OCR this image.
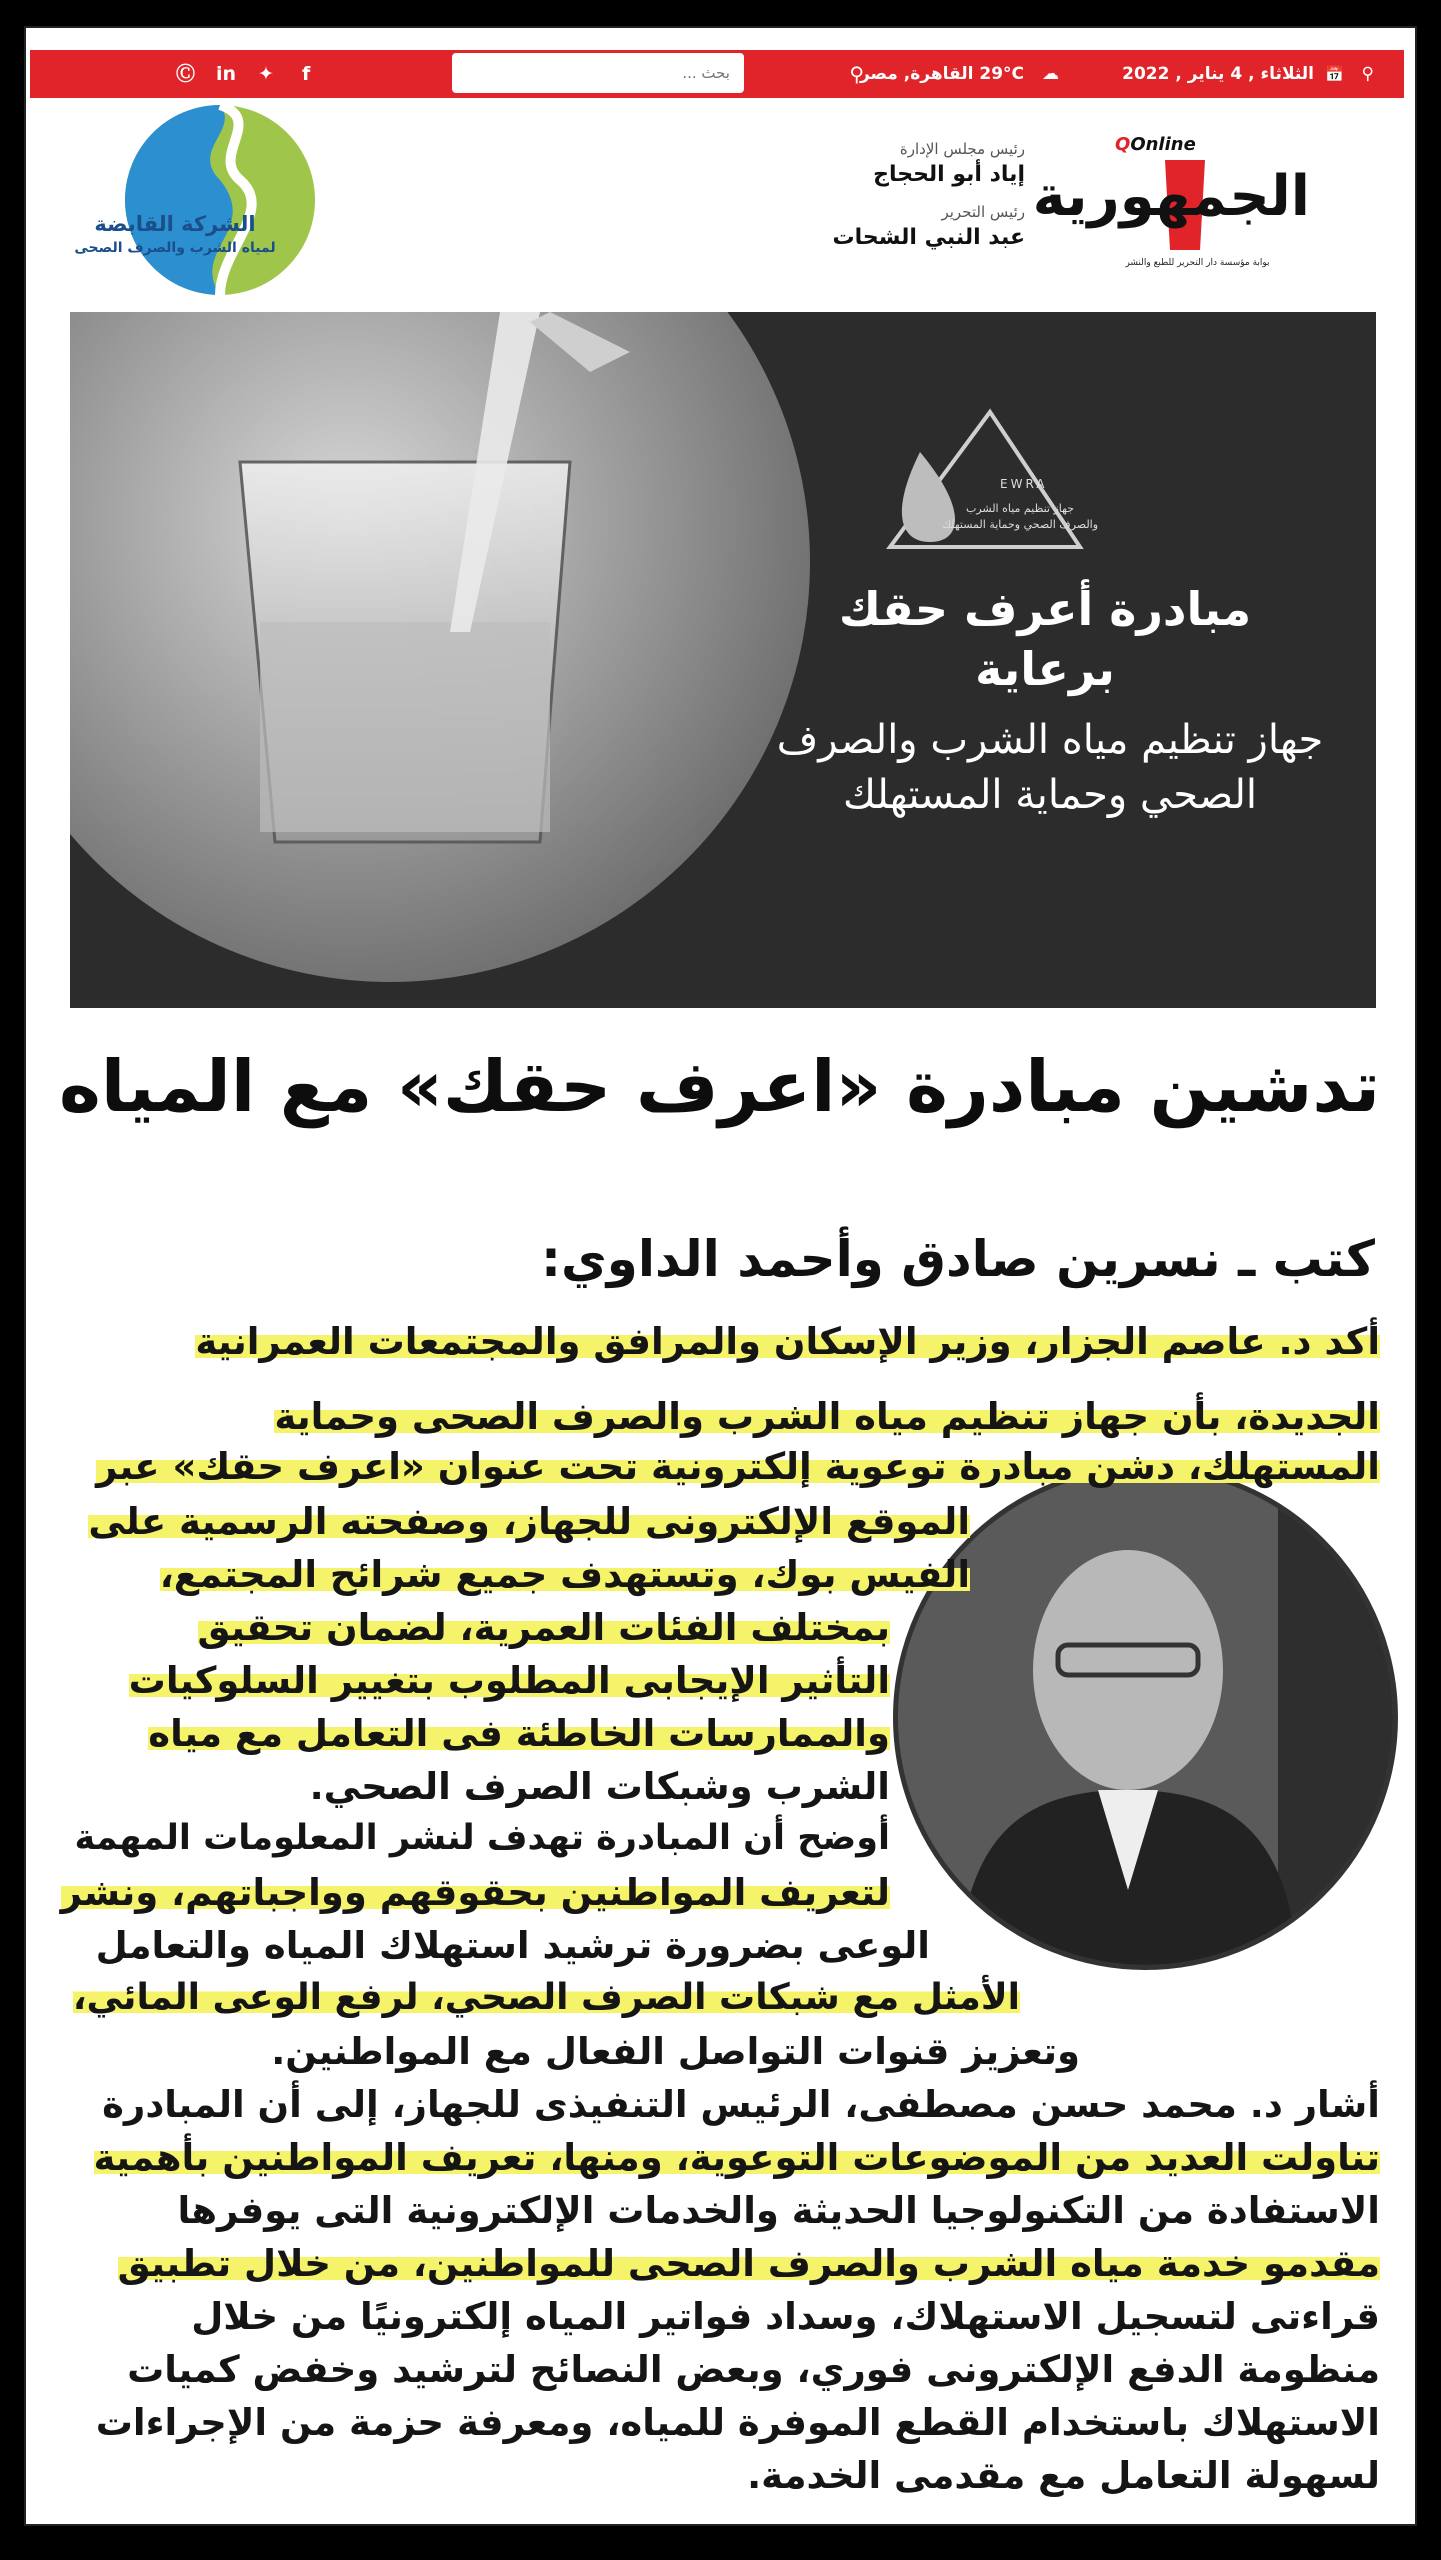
⚲
📅
الثلاثاء , 4 يناير , 2022
☁
29°C القاهرة, مصر
⚲
f
✦
in
Ⓒ
بحث ...
الشركة القابضة
لمياه الشرب والصرف الصحى
رئيس مجلس الإدارة
إياد أبو الحجاج
رئيس التحرير
عبد النبي الشحات
QOnline
الجمهورية
بوابة مؤسسة دار التحرير للطبع والنشر
EWRA
جهاز تنظيم مياه الشرب
والصرف الصحي وحماية المستهلك
مبادرة أعرف حقك
برعاية
جهاز تنظيم مياه الشرب والصرف
الصحي وحماية المستهلك
تدشين مبادرة «اعرف حقك» مع المياه
كتب ـ نسرين صادق وأحمد الداوي:
أكد د. عاصم الجزار، وزير الإسكان والمرافق والمجتمعات العمرانية
الجديدة، بأن جهاز تنظيم مياه الشرب والصرف الصحى وحماية
المستهلك، دشن مبادرة توعوية إلكترونية تحت عنوان «اعرف حقك» عبر
الموقع الإلكترونى للجهاز، وصفحته الرسمية على
الفيس بوك، وتستهدف جميع شرائح المجتمع،
بمختلف الفئات العمرية، لضمان تحقيق
التأثير الإيجابى المطلوب بتغيير السلوكيات
والممارسات الخاطئة فى التعامل مع مياه
الشرب وشبكات الصرف الصحي.
أوضح أن المبادرة تهدف لنشر المعلومات المهمة
لتعريف المواطنين بحقوقهم وواجباتهم، ونشر
الوعى بضرورة ترشيد استهلاك المياه والتعامل
الأمثل مع شبكات الصرف الصحي، لرفع الوعى المائي،
وتعزيز قنوات التواصل الفعال مع المواطنين.
أشار د. محمد حسن مصطفى، الرئيس التنفيذى للجهاز، إلى أن المبادرة
تناولت العديد من الموضوعات التوعوية، ومنها، تعريف المواطنين بأهمية
الاستفادة من التكنولوجيا الحديثة والخدمات الإلكترونية التى يوفرها
مقدمو خدمة مياه الشرب والصرف الصحى للمواطنين، من خلال تطبيق
قراءتى لتسجيل الاستهلاك، وسداد فواتير المياه إلكترونيًا من خلال
منظومة الدفع الإلكترونى فوري، وبعض النصائح لترشيد وخفض كميات
الاستهلاك باستخدام القطع الموفرة للمياه، ومعرفة حزمة من الإجراءات
لسهولة التعامل مع مقدمى الخدمة.
